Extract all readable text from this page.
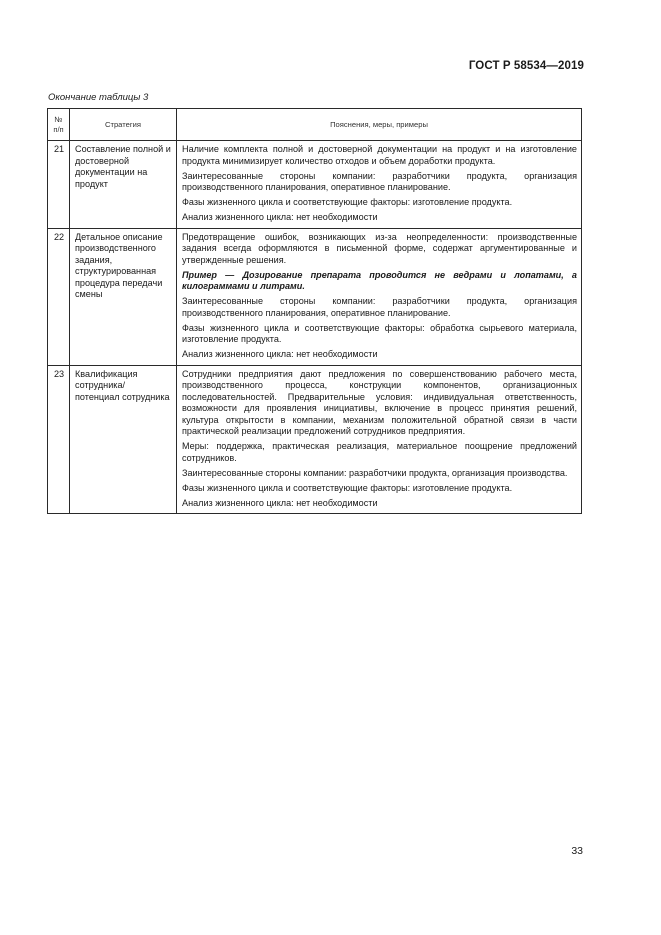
ГОСТ Р 58534—2019
Окончание таблицы 3
№ п/п	Стратегия	Пояснения, меры, примеры
21	Составление полной и достоверной документации на продукт	Наличие комплекта полной и достоверной документации на продукт и на изготовление продукта минимизирует количество отходов и объем доработки продукта.

Заинтересованные стороны компании: разработчики продукта, организация производственного планирования, оперативное планирование.

Фазы жизненного цикла и соответствующие факторы: изготовление продукта.

Анализ жизненного цикла: нет необходимости

22	Детальное описание производственного задания, структурированная процедура передачи смены	Предотвращение ошибок, возникающих из-за неопределенности: производственные задания всегда оформляются в письменной форме, содержат аргументированные и утвержденные решения.

Пример — Дозирование препарата проводится не ведрами и лопатами, а килограммами и литрами.

Заинтересованные стороны компании: разработчики продукта, организация производственного планирования, оперативное планирование.

Фазы жизненного цикла и соответствующие факторы: обработка сырьевого материала, изготовление продукта.

Анализ жизненного цикла: нет необходимости

23	Квалификация сотрудника/ потенциал сотрудника	Сотрудники предприятия дают предложения по совершенствованию рабочего места, производственного процесса, конструкции компонентов, организационных последовательностей. Предварительные условия: индивидуальная ответственность, возможности для проявления инициативы, включение в процесс принятия решений, культура открытости в компании, механизм положительной обратной связи в части практической реализации предложений сотрудников предприятия.

Меры: поддержка, практическая реализация, материальное поощрение предложений сотрудников.

Заинтересованные стороны компании: разработчики продукта, организация производства.

Фазы жизненного цикла и соответствующие факторы: изготовление продукта.

Анализ жизненного цикла: нет необходимости

33
